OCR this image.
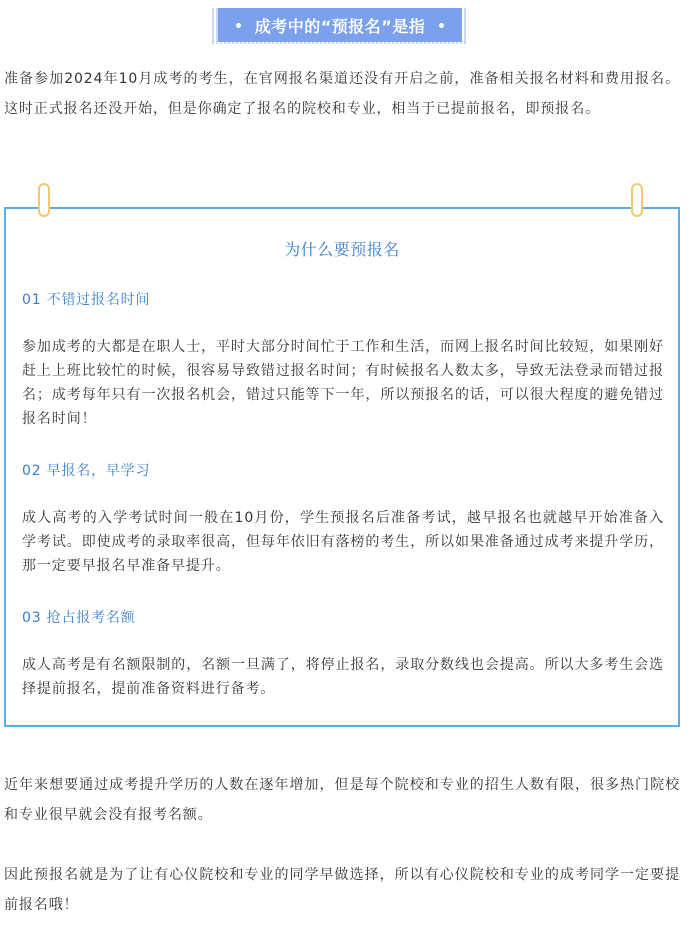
成考中的“预报名”是指

准备参加2024年10月成考的考生，在官网报名渠道还没有开启之前，准备相关报名材料和费用报名。这时正式报名还没开始，但是你确定了报名的院校和专业，相当于已提前报名，即预报名。

为什么要预报名
01 不错过报名时间

参加成考的大都是在职人士，平时大部分时间忙于工作和生活，而网上报名时间比较短，如果刚好赶上上班比较忙的时候，很容易导致错过报名时间；有时候报名人数太多，导致无法登录而错过报名；成考每年只有一次报名机会，错过只能等下一年，所以预报名的话，可以很大程度的避免错过报名时间！

02 早报名，早学习

成人高考的入学考试时间一般在10月份，学生预报名后准备考试，越早报名也就越早开始准备入学考试。即使成考的录取率很高，但每年依旧有落榜的考生，所以如果准备通过成考来提升学历，那一定要早报名早准备早提升。

03 抢占报考名额

成人高考是有名额限制的，名额一旦满了，将停止报名，录取分数线也会提高。所以大多考生会选择提前报名，提前准备资料进行备考。

近年来想要通过成考提升学历的人数在逐年增加，但是每个院校和专业的招生人数有限，很多热门院校和专业很早就会没有报考名额。

因此预报名就是为了让有心仪院校和专业的同学早做选择，所以有心仪院校和专业的成考同学一定要提前报名哦！
